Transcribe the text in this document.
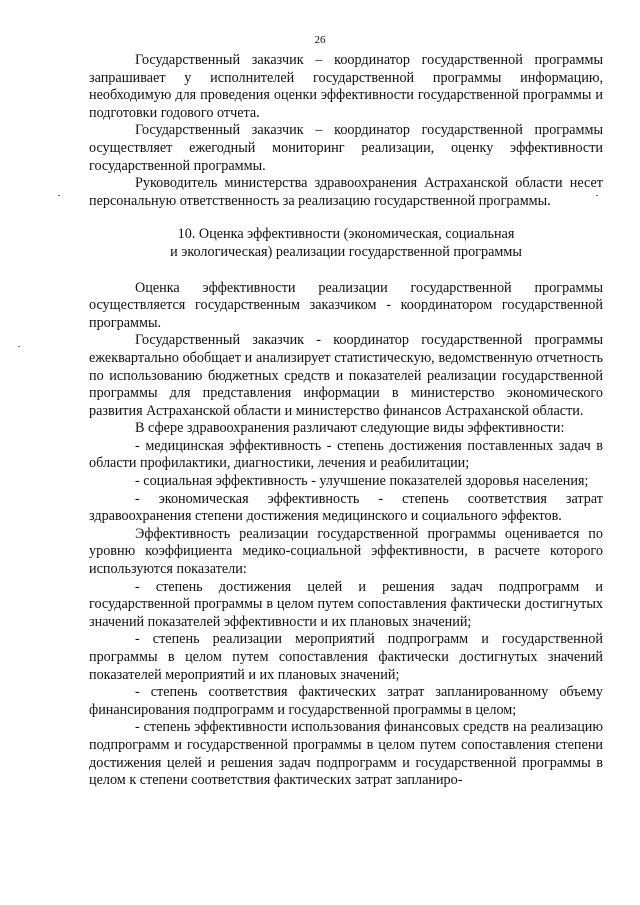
26

Государственный заказчик – координатор государственной программы запрашивает у исполнителей государственной программы информацию, необходимую для проведения оценки эффективности государственной программы и подготовки годового отчета.

Государственный заказчик – координатор государственной программы осуществляет ежегодный мониторинг реализации, оценку эффективности государственной программы.

Руководитель министерства здравоохранения Астраханской области несет персональную ответственность за реализацию государственной программы.

10. Оценка эффективности (экономическая, социальная
и экологическая) реализации государственной программы

Оценка эффективности реализации государственной программы осуществляется государственным заказчиком - координатором государственной программы.

Государственный заказчик - координатор государственной программы ежеквартально обобщает и анализирует статистическую, ведомственную отчетность по использованию бюджетных средств и показателей реализации государственной программы для представления информации в министерство экономического развития Астраханской области и министерство финансов Астраханской области.

В сфере здравоохранения различают следующие виды эффективности:

- медицинская эффективность - степень достижения поставленных задач в области профилактики, диагностики, лечения и реабилитации;

- социальная эффективность - улучшение показателей здоровья населения;

- экономическая эффективность - степень соответствия затрат здравоохранения степени достижения медицинского и социального эффектов.

Эффективность реализации государственной программы оценивается по уровню коэффициента медико-социальной эффективности, в расчете которого используются показатели:

- степень достижения целей и решения задач подпрограмм и государственной программы в целом путем сопоставления фактически достигнутых значений показателей эффективности и их плановых значений;

- степень реализации мероприятий подпрограмм и государственной программы в целом путем сопоставления фактически достигнутых значений показателей мероприятий и их плановых значений;

- степень соответствия фактических затрат запланированному объему финансирования подпрограмм и государственной программы в целом;

- степень эффективности использования финансовых средств на реализацию подпрограмм и государственной программы в целом путем сопоставления степени достижения целей и решения задач подпрограмм и государственной программы в целом к степени соответствия фактических затрат запланиро-
